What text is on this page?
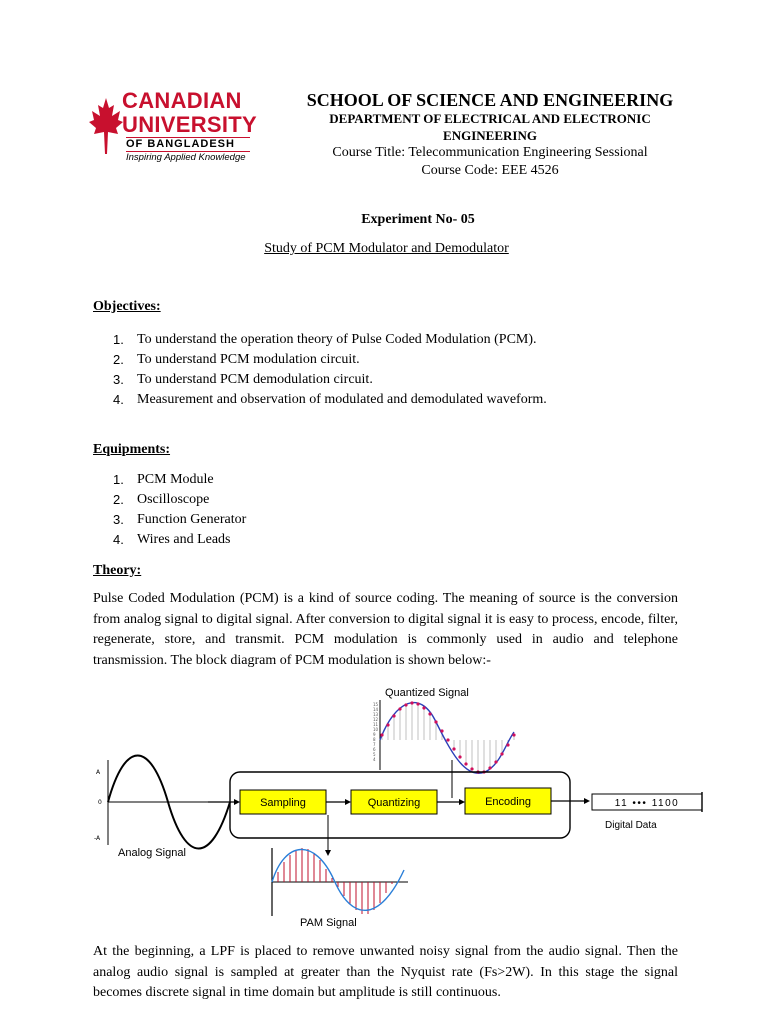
CANADIAN
UNIVERSITY
OF BANGLADESH
Inspiring Applied Knowledge
SCHOOL OF SCIENCE AND ENGINEERING
DEPARTMENT OF ELECTRICAL AND ELECTRONIC ENGINEERING
Course Title: Telecommunication Engineering Sessional
Course Code: EEE 4526
Experiment No- 05
Study of PCM Modulator and Demodulator
Objectives:
1. To understand the operation theory of Pulse Coded Modulation (PCM).
2. To understand PCM modulation circuit.
3. To understand PCM demodulation circuit.
4. Measurement and observation of modulated and demodulated waveform.
Equipments:
1. PCM Module
2. Oscilloscope
3. Function Generator
4. Wires and Leads
Theory:
Pulse Coded Modulation (PCM) is a kind of source coding. The meaning of source is the conversion from analog signal to digital signal. After conversion to digital signal it is easy to process, encode, filter, regenerate, store, and transmit. PCM modulation is commonly used in audio and telephone transmission. The block diagram of PCM modulation is shown below:-
Quantized Signal
15
14
13
12
11
10
9
8
7
6
5
4
A
0
-A
Analog Signal
Sampling	Quantizing	Encoding	11 ••• 1100
Digital Data
PAM Signal
At the beginning, a LPF is placed to remove unwanted noisy signal from the audio signal. Then the analog audio signal is sampled at greater than the Nyquist rate (Fs>2W). In this stage the signal becomes discrete signal in time domain but amplitude is still continuous.
